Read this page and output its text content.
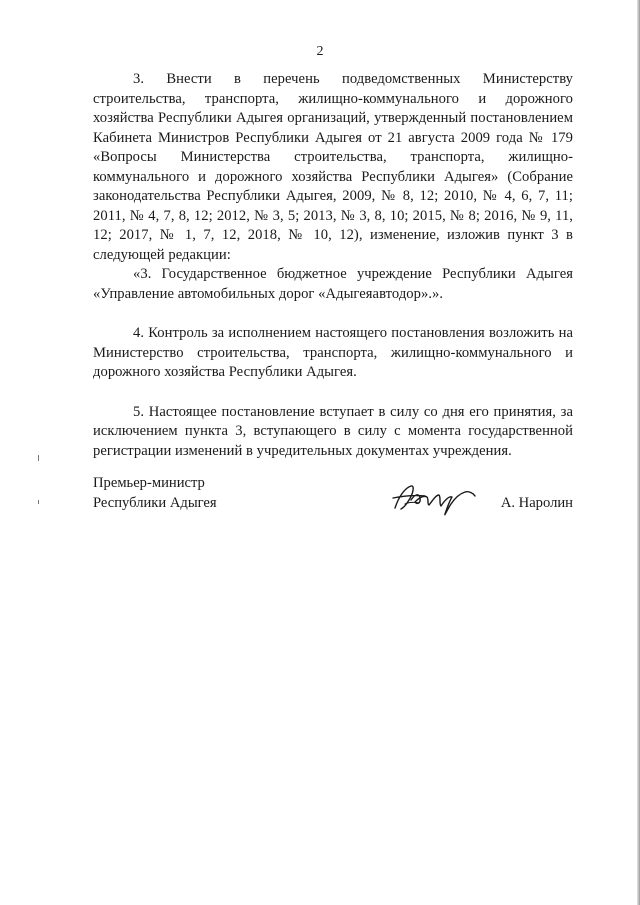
2

3. Внести в перечень подведомственных Министерству строительства, транспорта, жилищно-коммунального и дорожного хозяйства Республики Адыгея организаций, утвержденный постановлением Кабинета Министров Республики Адыгея от 21 августа 2009 года № 179 «Вопросы Министерства строительства, транспорта, жилищно-коммунального и дорожного хозяйства Республики Адыгея» (Собрание законодательства Республики Адыгея, 2009, № 8, 12; 2010, № 4, 6, 7, 11; 2011, № 4, 7, 8, 12; 2012, № 3, 5; 2013, № 3, 8, 10; 2015, № 8; 2016, № 9, 11, 12; 2017, № 1, 7, 12, 2018, № 10, 12), изменение, изложив пункт 3 в следующей редакции:

«3. Государственное бюджетное учреждение Республики Адыгея «Управление автомобильных дорог «Адыгеяавтодор».».

4. Контроль за исполнением настоящего постановления возложить на Министерство строительства, транспорта, жилищно-коммунального и дорожного хозяйства Республики Адыгея.

5. Настоящее постановление вступает в силу со дня его принятия, за исключением пункта 3, вступающего в силу с момента государственной регистрации изменений в учредительных документах учреждения.

Премьер-министр
Республики Адыгея	А. Наролин
